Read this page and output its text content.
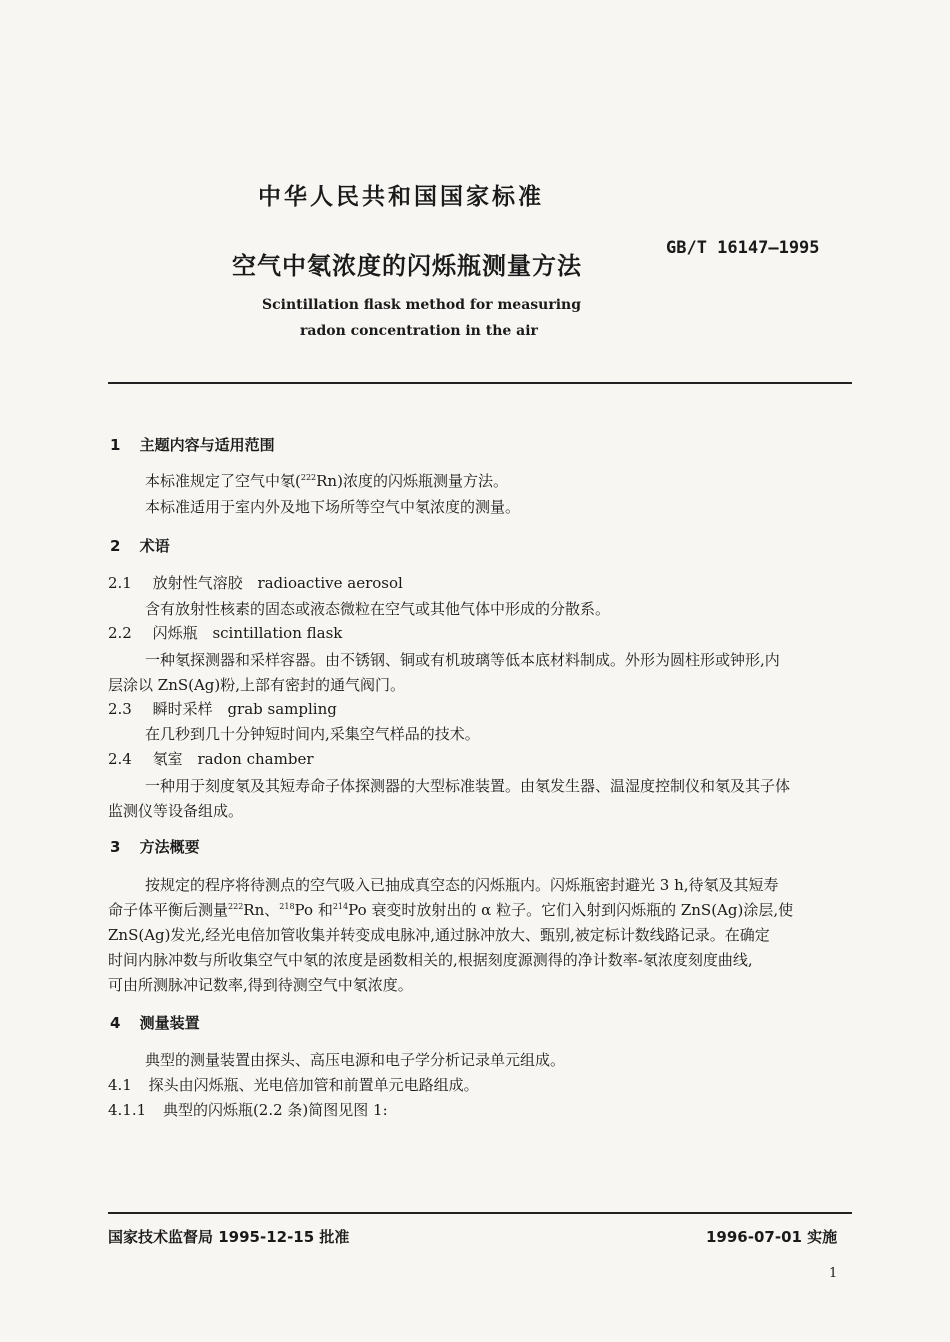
中华人民共和国国家标准
空气中氡浓度的闪烁瓶测量方法
GB/T 16147—1995
Scintillation flask method for measuring
radon concentration in the air
1 主题内容与适用范围
本标准规定了空气中氡($^{222}$Rn)浓度的闪烁瓶测量方法。
本标准适用于室内外及地下场所等空气中氡浓度的测量。
2 术语
2.1 放射性气溶胶 radioactive aerosol
含有放射性核素的固态或液态微粒在空气或其他气体中形成的分散系。
2.2 闪烁瓶 scintillation flask
一种氡探测器和采样容器。由不锈钢、铜或有机玻璃等低本底材料制成。外形为圆柱形或钟形,内
层涂以 ZnS(Ag)粉,上部有密封的通气阀门。
2.3 瞬时采样 grab sampling
在几秒到几十分钟短时间内,采集空气样品的技术。
2.4 氡室 radon chamber
一种用于刻度氡及其短寿命子体探测器的大型标准装置。由氡发生器、温湿度控制仪和氡及其子体
监测仪等设备组成。
3 方法概要
按规定的程序将待测点的空气吸入已抽成真空态的闪烁瓶内。闪烁瓶密封避光 3 h,待氡及其短寿
命子体平衡后测量$^{222}$Rn、$^{218}$Po 和$^{214}$Po 衰变时放射出的 α 粒子。它们入射到闪烁瓶的 ZnS(Ag)涂层,使
ZnS(Ag)发光,经光电倍加管收集并转变成电脉冲,通过脉冲放大、甄别,被定标计数线路记录。在确定
时间内脉冲数与所收集空气中氡的浓度是函数相关的,根据刻度源测得的净计数率-氡浓度刻度曲线,
可由所测脉冲记数率,得到待测空气中氡浓度。
4 测量装置
典型的测量装置由探头、高压电源和电子学分析记录单元组成。
4.1 探头由闪烁瓶、光电倍加管和前置单元电路组成。
4.1.1 典型的闪烁瓶(2.2 条)简图见图 1:
国家技术监督局 1995-12-15 批准	1996-07-01 实施
1
